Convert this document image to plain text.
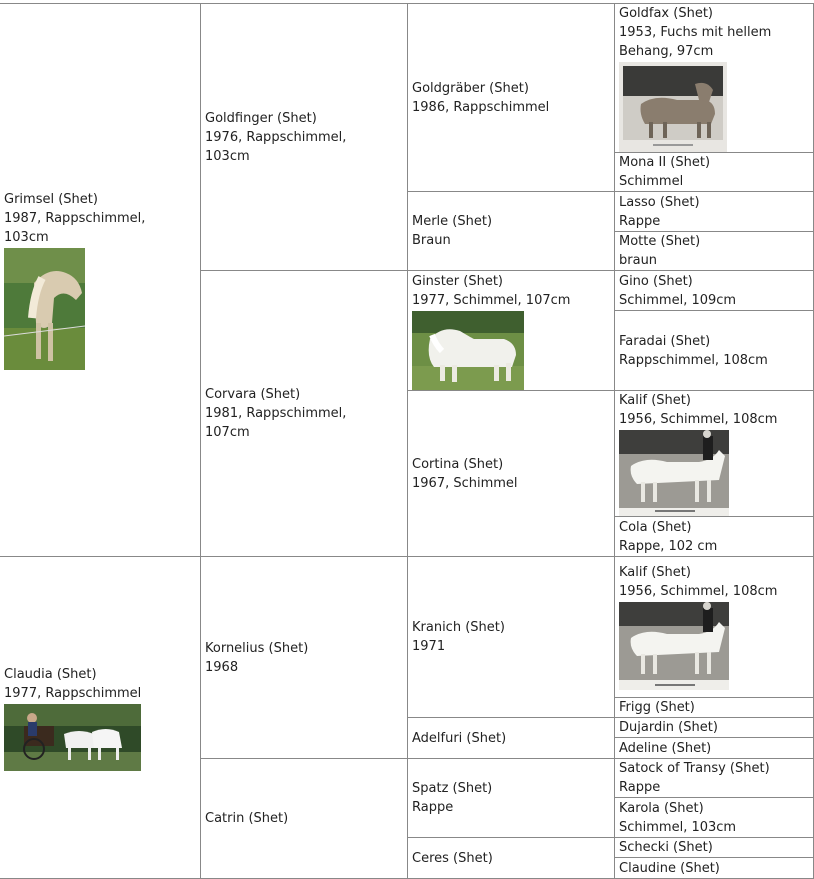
Grimsel (Shet)
1987, Rappschimmel,
103cm
Claudia (Shet)
1977, Rappschimmel
Goldfinger (Shet)
1976, Rappschimmel,
103cm
Corvara (Shet)
1981, Rappschimmel,
107cm
Kornelius (Shet)
1968
Catrin (Shet)
Goldgräber (Shet)
1986, Rappschimmel
Merle (Shet)
Braun
Ginster (Shet)
1977, Schimmel, 107cm
Cortina (Shet)
1967, Schimmel
Kranich (Shet)
1971
Adelfuri (Shet)
Spatz (Shet)
Rappe
Ceres (Shet)
Goldfax (Shet)
1953, Fuchs mit hellem
Behang, 97cm
Mona II (Shet)
Schimmel
Lasso (Shet)
Rappe
Motte (Shet)
braun
Gino (Shet)
Schimmel, 109cm
Faradai (Shet)
Rappschimmel, 108cm
Kalif (Shet)
1956, Schimmel, 108cm
Cola (Shet)
Rappe, 102 cm
Kalif (Shet)
1956, Schimmel, 108cm
Frigg (Shet)
Dujardin (Shet)
Adeline (Shet)
Satock of Transy (Shet)
Rappe
Karola (Shet)
Schimmel, 103cm
Schecki (Shet)
Claudine (Shet)
